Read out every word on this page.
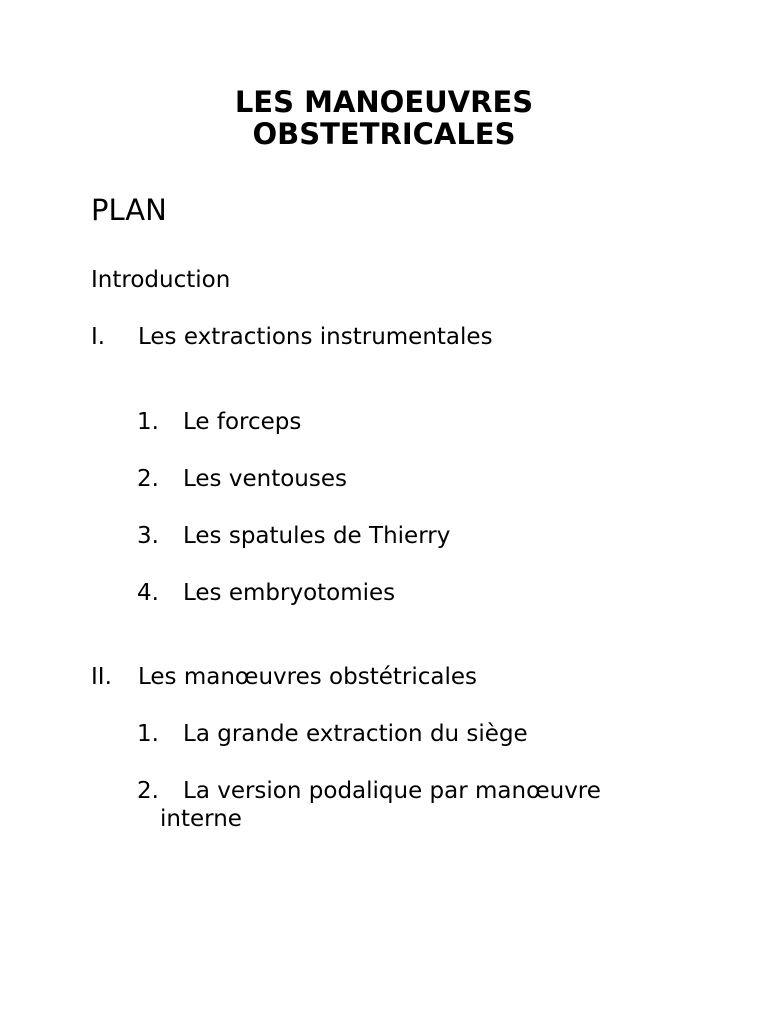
LES MANOEUVRES
OBSTETRICALES
PLAN
Introduction
I. Les extractions instrumentales
1. Le forceps
2. Les ventouses
3. Les spatules de Thierry
4. Les embryotomies
II. Les manœuvres obstétricales
1. La grande extraction du siège
2. La version podalique par manœuvre
interne
